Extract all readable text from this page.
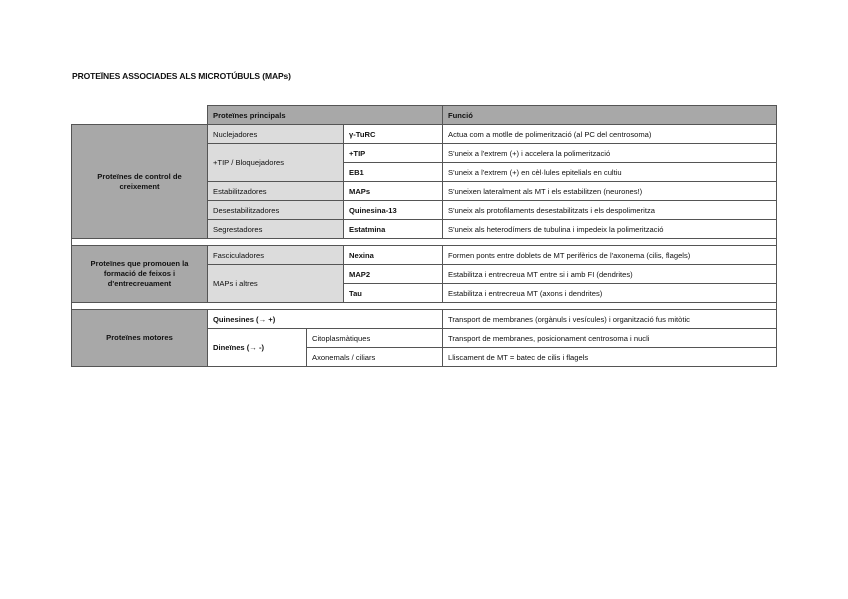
PROTEÏNES ASSOCIADES ALS MICROTÚBULS (MAPs)
	Proteïnes principals			Funció
Proteïnes de control de creixement	Nuclejadores		γ-TuRC	Actua com a motlle de polimerització (al PC del centrosoma)
	+TIP / Bloquejadores		+TIP	S'uneix a l'extrem (+) i accelera la polimerització
			EB1	S'uneix a l'extrem (+) en cèl·lules epitelials en cultiu
	Estabilitzadores		MAPs	S'uneixen lateralment als MT i els estabilitzen (neurones!)
	Desestabilitzadores		Quinesina-13	S'uneix als protofilaments desestabilitzats i els despolimeritza
	Segrestadores		Estatmina	S'uneix als heterodímers de tubulina i impedeix la polimerització

Proteïnes que promouen la formació de feixos i d'entrecreuament	Fasciculadores		Nexina	Formen ponts entre doblets de MT perifèrics de l'axonema (cilis, flagels)
	MAPs i altres		MAP2	Estabilitza i entrecreua MT entre si i amb FI (dendrites)
			Tau	Estabilitza i entrecreua MT (axons i dendrites)

Proteïnes motores	Quinesines (→ +)			Transport de membranes (orgànuls i vesícules) i organització fus mitòtic
	Dineïnes (→ -)	Citoplasmàtiques		Transport de membranes, posicionament centrosoma i nucli
		Axonemals / ciliars		Lliscament de MT = batec de cilis i flagels
